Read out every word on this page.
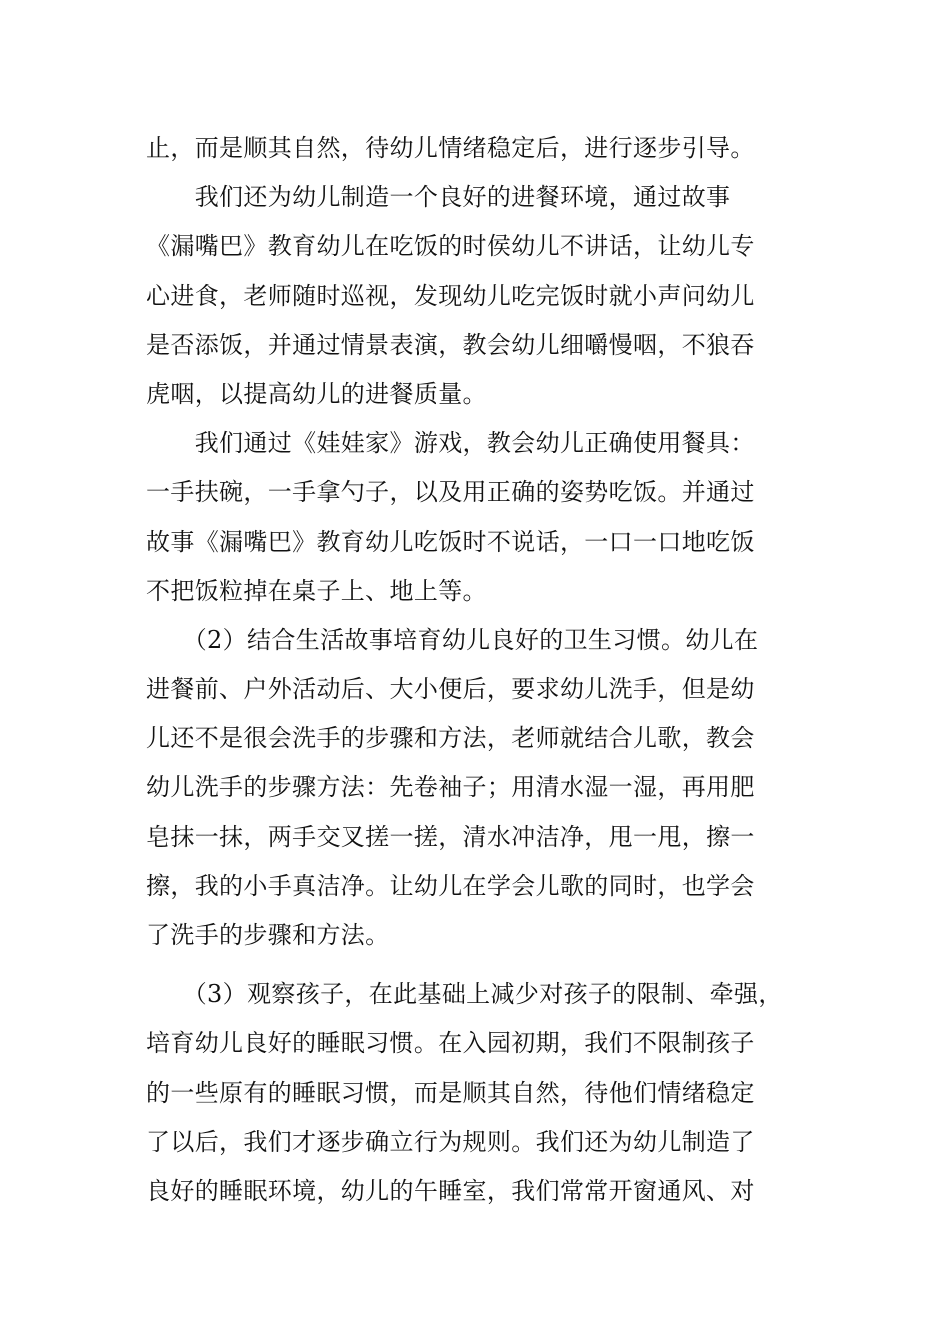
止，而是顺其自然，待幼儿情绪稳定后，进行逐步引导。
　　我们还为幼儿制造一个良好的进餐环境，通过故事
《漏嘴巴》教育幼儿在吃饭的时侯幼儿不讲话，让幼儿专
心进食，老师随时巡视，发现幼儿吃完饭时就小声问幼儿
是否添饭，并通过情景表演，教会幼儿细嚼慢咽，不狼吞
虎咽，以提高幼儿的进餐质量。
　　我们通过《娃娃家》游戏，教会幼儿正确使用餐具：
一手扶碗，一手拿勺子，以及用正确的姿势吃饭。并通过
故事《漏嘴巴》教育幼儿吃饭时不说话，一口一口地吃饭
不把饭粒掉在桌子上、地上等。
　　（2）结合生活故事培育幼儿良好的卫生习惯。幼儿在
进餐前、户外活动后、大小便后，要求幼儿洗手，但是幼
儿还不是很会洗手的步骤和方法，老师就结合儿歌，教会
幼儿洗手的步骤方法：先卷袖子；用清水湿一湿，再用肥
皂抹一抹，两手交叉搓一搓，清水冲洁净，甩一甩，擦一
擦，我的小手真洁净。让幼儿在学会儿歌的同时，也学会
了洗手的步骤和方法。
　　（3）观察孩子，在此基础上减少对孩子的限制、牵强，
培育幼儿良好的睡眠习惯。在入园初期，我们不限制孩子
的一些原有的睡眠习惯，而是顺其自然，待他们情绪稳定
了以后，我们才逐步确立行为规则。我们还为幼儿制造了
良好的睡眠环境，幼儿的午睡室，我们常常开窗通风、对
